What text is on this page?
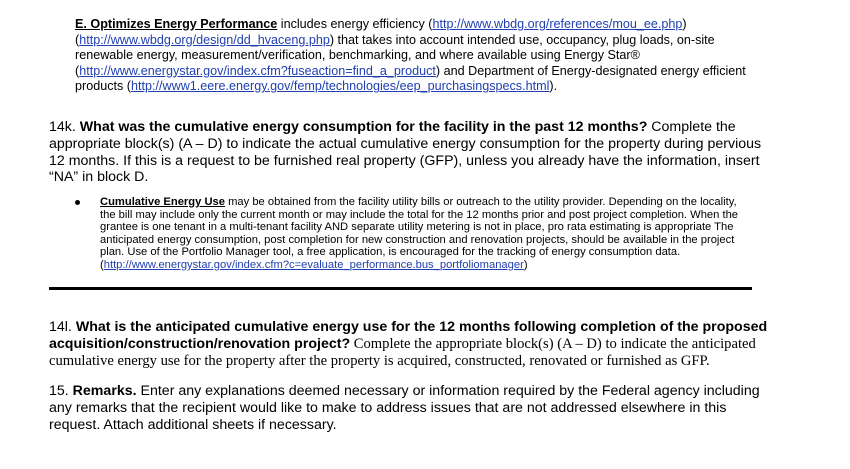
E. Optimizes Energy Performance includes energy efficiency (http://www.wbdg.org/references/mou_ee.php)
(http://www.wbdg.org/design/dd_hvaceng.php) that takes into account intended use, occupancy, plug loads, on-site renewable energy, measurement/verification, benchmarking, and where available using Energy Star® (http://www.energystar.gov/index.cfm?fuseaction=find_a_product) and Department of Energy-designated energy efficient products (http://www1.eere.energy.gov/femp/technologies/eep_purchasingspecs.html).
14k. What was the cumulative energy consumption for the facility in the past 12 months? Complete the appropriate block(s) (A – D) to indicate the actual cumulative energy consumption for the property during pervious 12 months. If this is a request to be furnished real property (GFP), unless you already have the information, insert “NA” in block D.
Cumulative Energy Use may be obtained from the facility utility bills or outreach to the utility provider. Depending on the locality, the bill may include only the current month or may include the total for the 12 months prior and post project completion. When the grantee is one tenant in a multi-tenant facility AND separate utility metering is not in place, pro rata estimating is appropriate The anticipated energy consumption, post completion for new construction and renovation projects, should be available in the project plan. Use of the Portfolio Manager tool, a free application, is encouraged for the tracking of energy consumption data.
(http://www.energystar.gov/index.cfm?c=evaluate_performance.bus_portfoliomanager)
14l. What is the anticipated cumulative energy use for the 12 months following completion of the proposed acquisition/construction/renovation project? Complete the appropriate block(s) (A – D) to indicate the anticipated cumulative energy use for the property after the property is acquired, constructed, renovated or furnished as GFP.
15. Remarks. Enter any explanations deemed necessary or information required by the Federal agency including any remarks that the recipient would like to make to address issues that are not addressed elsewhere in this request. Attach additional sheets if necessary.
